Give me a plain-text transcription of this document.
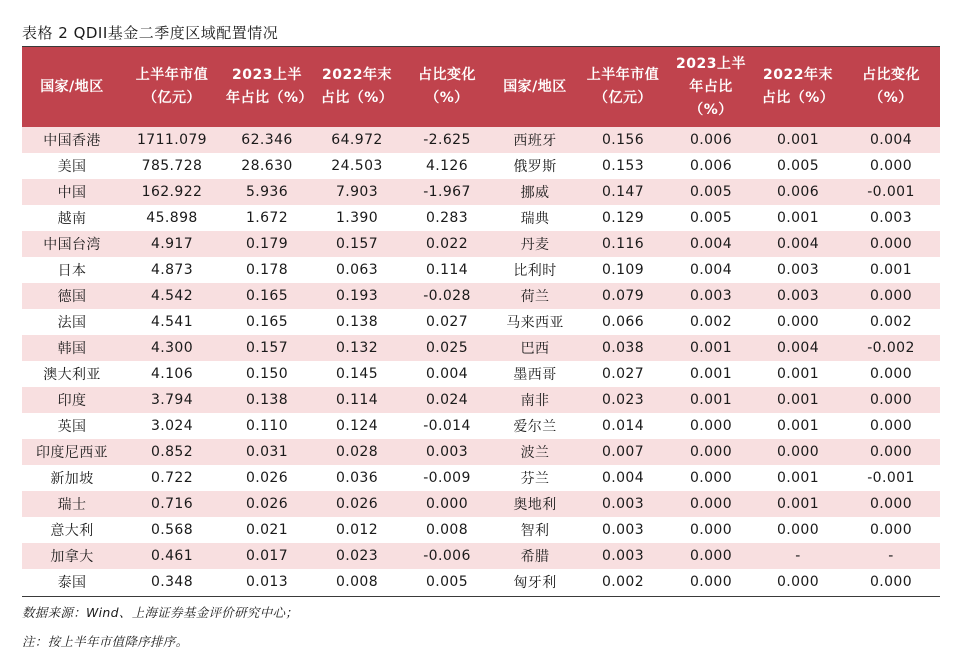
表格 2 QDII基金二季度区域配置情况
国家/地区	上半年市值（亿元）	2023上半年占比（%）	2022年末占比（%）	占比变化（%）	国家/地区	上半年市值（亿元）	2023上半年占比（%）	2022年末占比（%）	占比变化（%）
中国香港	1711.079	62.346	64.972	-2.625	西班牙	0.156	0.006	0.001	0.004
美国	785.728	28.630	24.503	4.126	俄罗斯	0.153	0.006	0.005	0.000
中国	162.922	5.936	7.903	-1.967	挪威	0.147	0.005	0.006	-0.001
越南	45.898	1.672	1.390	0.283	瑞典	0.129	0.005	0.001	0.003
中国台湾	4.917	0.179	0.157	0.022	丹麦	0.116	0.004	0.004	0.000
日本	4.873	0.178	0.063	0.114	比利时	0.109	0.004	0.003	0.001
德国	4.542	0.165	0.193	-0.028	荷兰	0.079	0.003	0.003	0.000
法国	4.541	0.165	0.138	0.027	马来西亚	0.066	0.002	0.000	0.002
韩国	4.300	0.157	0.132	0.025	巴西	0.038	0.001	0.004	-0.002
澳大利亚	4.106	0.150	0.145	0.004	墨西哥	0.027	0.001	0.001	0.000
印度	3.794	0.138	0.114	0.024	南非	0.023	0.001	0.001	0.000
英国	3.024	0.110	0.124	-0.014	爱尔兰	0.014	0.000	0.001	0.000
印度尼西亚	0.852	0.031	0.028	0.003	波兰	0.007	0.000	0.000	0.000
新加坡	0.722	0.026	0.036	-0.009	芬兰	0.004	0.000	0.001	-0.001
瑞士	0.716	0.026	0.026	0.000	奥地利	0.003	0.000	0.001	0.000
意大利	0.568	0.021	0.012	0.008	智利	0.003	0.000	0.000	0.000
加拿大	0.461	0.017	0.023	-0.006	希腊	0.003	0.000	-	-
泰国	0.348	0.013	0.008	0.005	匈牙利	0.002	0.000	0.000	0.000
数据来源：Wind、上海证券基金评价研究中心；
注：按上半年市值降序排序。
